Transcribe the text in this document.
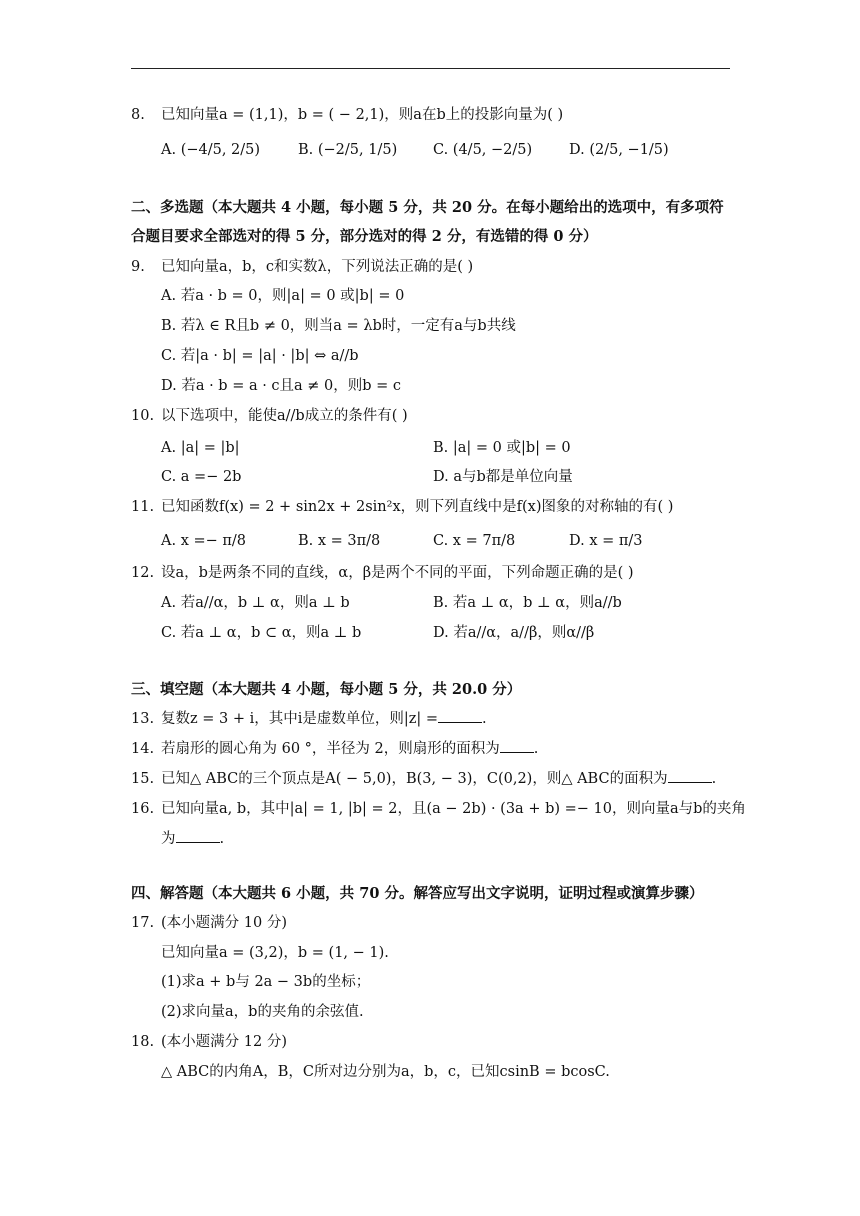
8. 已知向量a = (1,1)，b = ( − 2,1)，则a在b上的投影向量为( )
A. (−4/5, 2/5)	B. (−2/5, 1/5) C. (4/5, −2/5)	D. (2/5, −1/5)
二、多选题（本大题共 4 小题，每小题 5 分，共 20 分。在每小题给出的选项中，有多项符
合题目要求全部选对的得 5 分，部分选对的得 2 分，有选错的得 0 分）
9. 已知向量a，b，c和实数λ，下列说法正确的是( )
A. 若a · b = 0，则|a| = 0 或|b| = 0
B. 若λ ∈ R且b ≠ 0，则当a = λb时，一定有a与b共线
C. 若|a · b| = |a| · |b| ⇔ a//b
D. 若a · b = a · c且a ≠ 0，则b = c
10. 以下选项中，能使a//b成立的条件有( )
A. |a| = |b|	B. |a| = 0 或|b| = 0
C. a =− 2b	D. a与b都是单位向量
11. 已知函数f(x) = 2 + sin2x + 2sin²x，则下列直线中是f(x)图象的对称轴的有( )
A. x =− π/8	B. x = 3π/8	C. x = 7π/8	D. x = π/3
12. 设a，b是两条不同的直线，α，β是两个不同的平面，下列命题正确的是( )
A. 若a//α，b ⊥ α，则a ⊥ b	B. 若a ⊥ α，b ⊥ α，则a//b
C. 若a ⊥ α，b ⊂ α，则a ⊥ b	D. 若a//α，a//β，则α//β
三、填空题（本大题共 4 小题，每小题 5 分，共 20.0 分）
13. 复数z = 3 + i，其中i是虚数单位，则|z| =	.
14. 若扇形的圆心角为 60 °，半径为 2，则扇形的面积为 .
15. 已知△ ABC的三个顶点是A( − 5,0)，B(3, − 3)，C(0,2)，则△ ABC的面积为	.
16. 已知向量a, b，其中|a| = 1, |b| = 2，且(a − 2b) · (3a + b) =− 10，则向量a与b的夹角
为	.
四、解答题（本大题共 6 小题，共 70 分。解答应写出文字说明，证明过程或演算步骤）
17. (本小题满分 10 分)
已知向量a = (3,2)，b = (1, − 1).
(1)求a + b与 2a − 3b的坐标；
(2)求向量a，b的夹角的余弦值.
18. (本小题满分 12 分)
△ ABC的内角A，B，C所对边分别为a，b，c，已知csinB = bcosC.
